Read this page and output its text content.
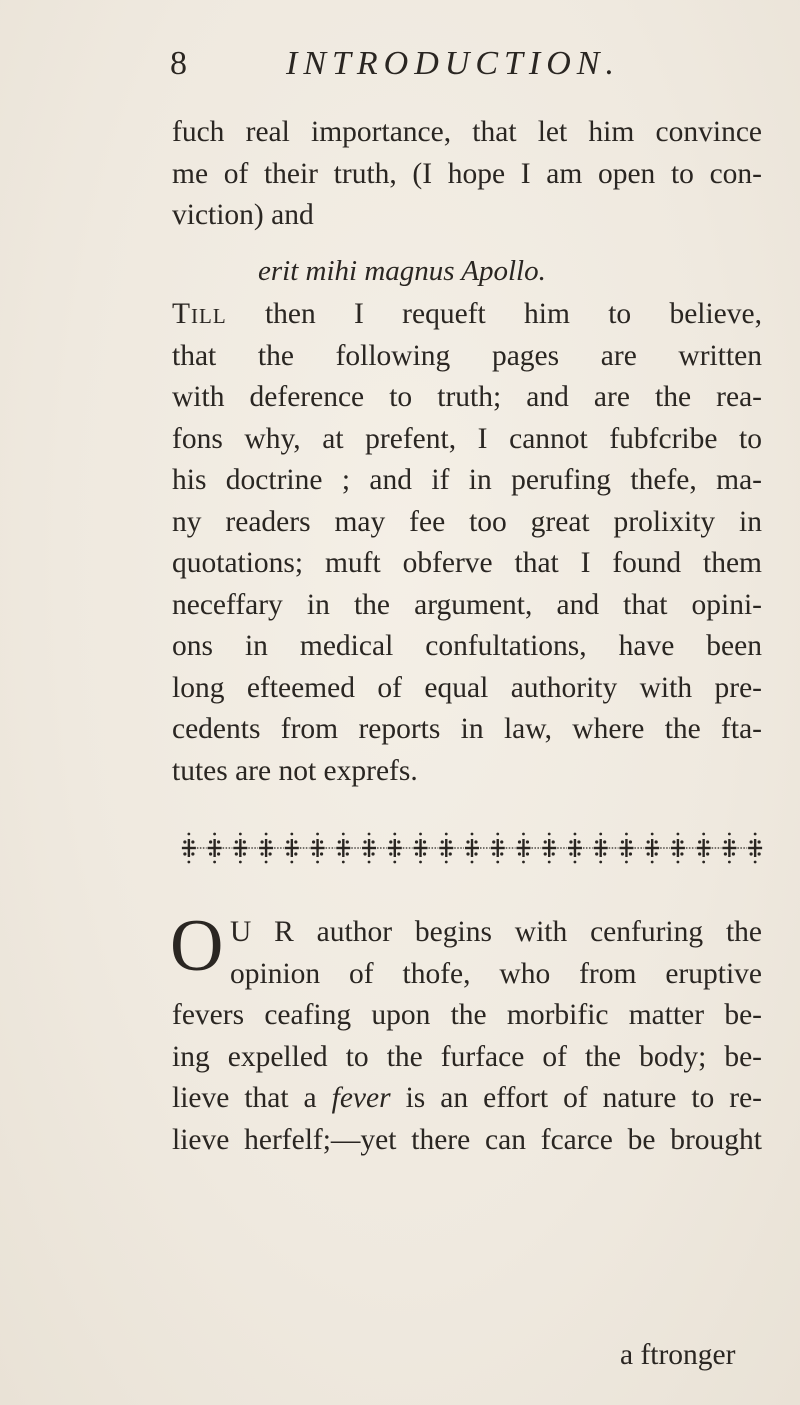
8	INTRODUCTION.
fuch real importance, that let him convince
me of their truth, (I hope I am open to con-
viction) and
erit mihi magnus Apollo.
Till then I requeft him to believe,
that the following pages are written
with deference to truth; and are the rea-
fons why, at prefent, I cannot fubfcribe to
his doctrine ; and if in perufing thefe, ma-
ny readers may fee too great prolixity in
quotations; muft obferve that I found them
neceffary in the argument, and that opini-
ons in medical confultations, have been
long efteemed of equal authority with pre-
cedents from reports in law, where the fta-
tutes are not exprefs.
O U R author begins with cenfuring the
opinion of thofe, who from eruptive
fevers ceafing upon the morbific matter be-
ing expelled to the furface of the body; be-
lieve that a fever is an effort of nature to re-
lieve herfelf;—yet there can fcarce be brought
a ftronger
